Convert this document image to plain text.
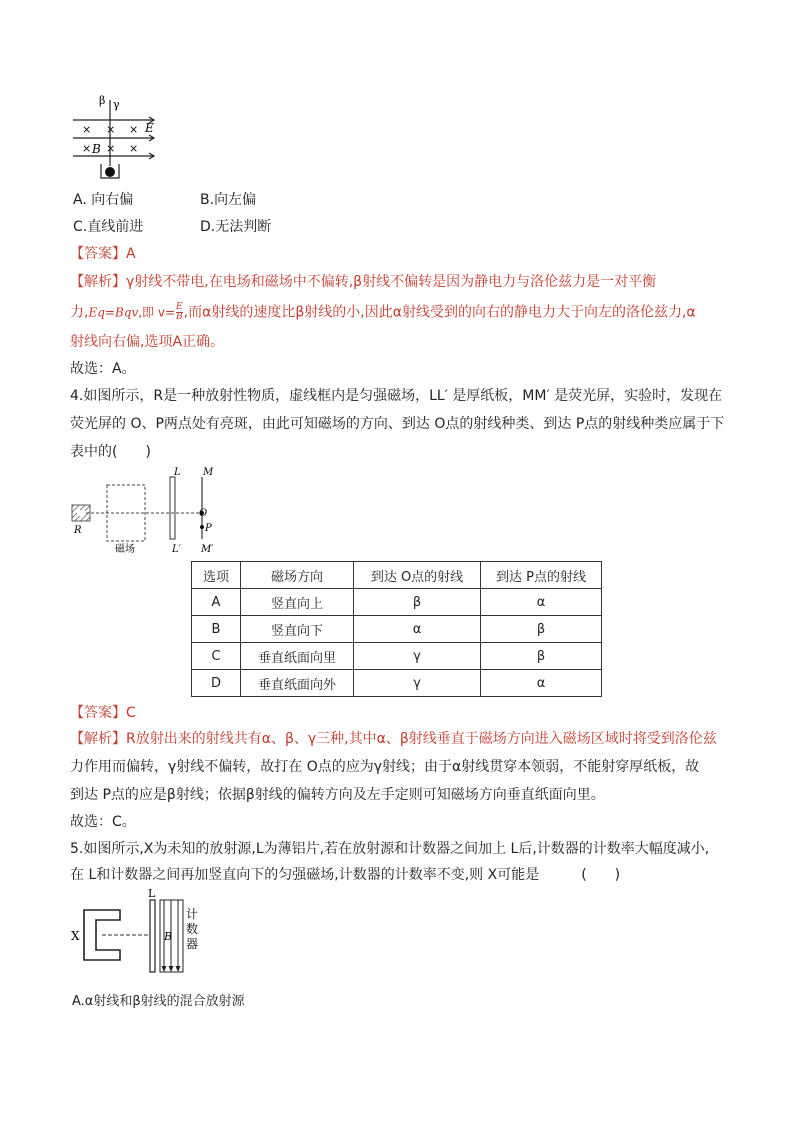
β γ
E
B
× × ×
× × ×
A. 向右偏	B.向左偏
C.直线前进	D.无法判断
【答案】A
【解析】γ射线不带电,在电场和磁场中不偏转,β射线不偏转是因为静电力与洛伦兹力是一对平衡
力,Eq=Bqv,即 $v= \frac{E}{B}$ ,而α射线的速度比β射线的小,因此α射线受到的向右的静电力大于向左的洛伦兹力,α
射线向右偏,选项A正确。
故选：A。
4.如图所示，R是一种放射性物质，虚线框内是匀强磁场，LL′ 是厚纸板，MM′ 是荧光屏，实验时，发现在
荧光屏的 O、P两点处有亮斑，由此可知磁场的方向、到达 O点的射线种类、到达 P点的射线种类应属于下
表中的(　　)
R
磁场
L
L′
M
M′
O
P
选项	磁场方向	到达 O点的射线	到达 P点的射线
A	竖直向上	β	α
B	竖直向下	α	β
C	垂直纸面向里	γ	β
D	垂直纸面向外	γ	α
【答案】C
【解析】R放射出来的射线共有α、β、γ三种,其中α、β射线垂直于磁场方向进入磁场区域时将受到洛伦兹
力作用而偏转，γ射线不偏转，故打在 O点的应为γ射线；由于α射线贯穿本领弱，不能射穿厚纸板，故
到达 P点的应是β射线；依据β射线的偏转方向及左手定则可知磁场方向垂直纸面向里。
故选：C。
5.如图所示,X为未知的放射源,L为薄铝片,若在放射源和计数器之间加上 L后,计数器的计数率大幅度减小,
在 L和计数器之间再加竖直向下的匀强磁场,计数器的计数率不变,则 X可能是　　　(　　)
X
L
B
计
数
器
A.α射线和β射线的混合放射源
